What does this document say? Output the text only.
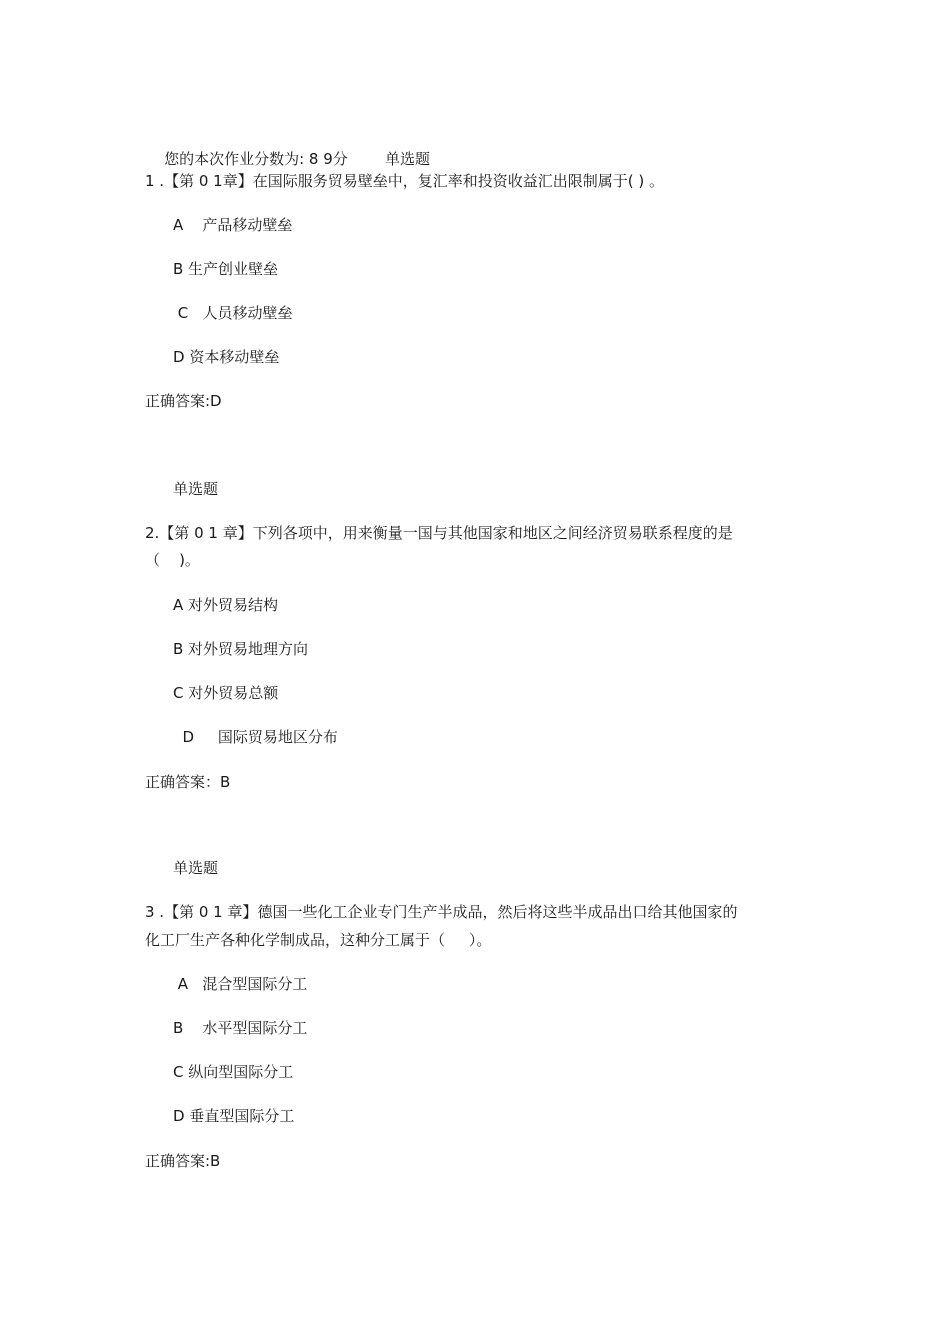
您的本次作业分数为: 8 9分 单选题

1 .【第 0 1章】在国际服务贸易壁垒中，复汇率和投资收益汇出限制属于( ) 。
A    产品移动壁垒
B 生产创业壁垒
C   人员移动壁垒
D 资本移动壁垒
正确答案:D
单选题
2.【第 0 1 章】下列各项中，用来衡量一国与其他国家和地区之间经济贸易联系程度的是
（    )。
A 对外贸易结构
B 对外贸易地理方向
C 对外贸易总额
D     国际贸易地区分布
正确答案：B
单选题
3 .【第 0 1 章】德国一些化工企业专门生产半成品，然后将这些半成品出口给其他国家的
化工厂生产各种化学制成品，这种分工属于（     ）。
A   混合型国际分工
B    水平型国际分工
C 纵向型国际分工
D 垂直型国际分工
正确答案:B
